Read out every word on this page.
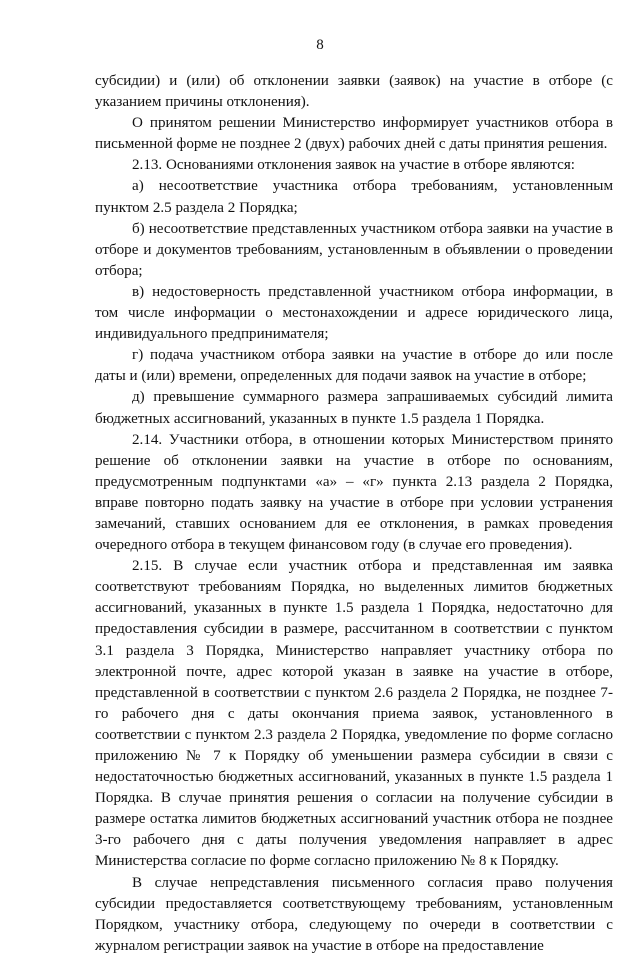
8

субсидии) и (или) об отклонении заявки (заявок) на участие в отборе (с указанием причины отклонения).

О принятом решении Министерство информирует участников отбора в письменной форме не позднее 2 (двух) рабочих дней с даты принятия решения.

2.13. Основаниями отклонения заявок на участие в отборе являются:

а) несоответствие участника отбора требованиям, установленным пунктом 2.5 раздела 2 Порядка;

б) несоответствие представленных участником отбора заявки на участие в отборе и документов требованиям, установленным в объявлении о проведении отбора;

в) недостоверность представленной участником отбора информации, в том числе информации о местонахождении и адресе юридического лица, индивидуального предпринимателя;

г) подача участником отбора заявки на участие в отборе до или после даты и (или) времени, определенных для подачи заявок на участие в отборе;

д) превышение суммарного размера запрашиваемых субсидий лимита бюджетных ассигнований, указанных в пункте 1.5 раздела 1 Порядка.

2.14. Участники отбора, в отношении которых Министерством принято решение об отклонении заявки на участие в отборе по основаниям, предусмотренным подпунктами «а» – «г» пункта 2.13 раздела 2 Порядка, вправе повторно подать заявку на участие в отборе при условии устранения замечаний, ставших основанием для ее отклонения, в рамках проведения очередного отбора в текущем финансовом году (в случае его проведения).

2.15. В случае если участник отбора и представленная им заявка соответствуют требованиям Порядка, но выделенных лимитов бюджетных ассигнований, указанных в пункте 1.5 раздела 1 Порядка, недостаточно для предоставления субсидии в размере, рассчитанном в соответствии с пунктом 3.1 раздела 3 Порядка, Министерство направляет участнику отбора по электронной почте, адрес которой указан в заявке на участие в отборе, представленной в соответствии с пунктом 2.6 раздела 2 Порядка, не позднее 7-го рабочего дня с даты окончания приема заявок, установленного в соответствии с пунктом 2.3 раздела 2 Порядка, уведомление по форме согласно приложению № 7 к Порядку об уменьшении размера субсидии в связи с недостаточностью бюджетных ассигнований, указанных в пункте 1.5 раздела 1 Порядка. В случае принятия решения о согласии на получение субсидии в размере остатка лимитов бюджетных ассигнований участник отбора не позднее 3-го рабочего дня с даты получения уведомления направляет в адрес Министерства согласие по форме согласно приложению № 8 к Порядку.

В случае непредставления письменного согласия право получения субсидии предоставляется соответствующему требованиям, установленным Порядком, участнику отбора, следующему по очереди в соответствии с журналом регистрации заявок на участие в отборе на предоставление
